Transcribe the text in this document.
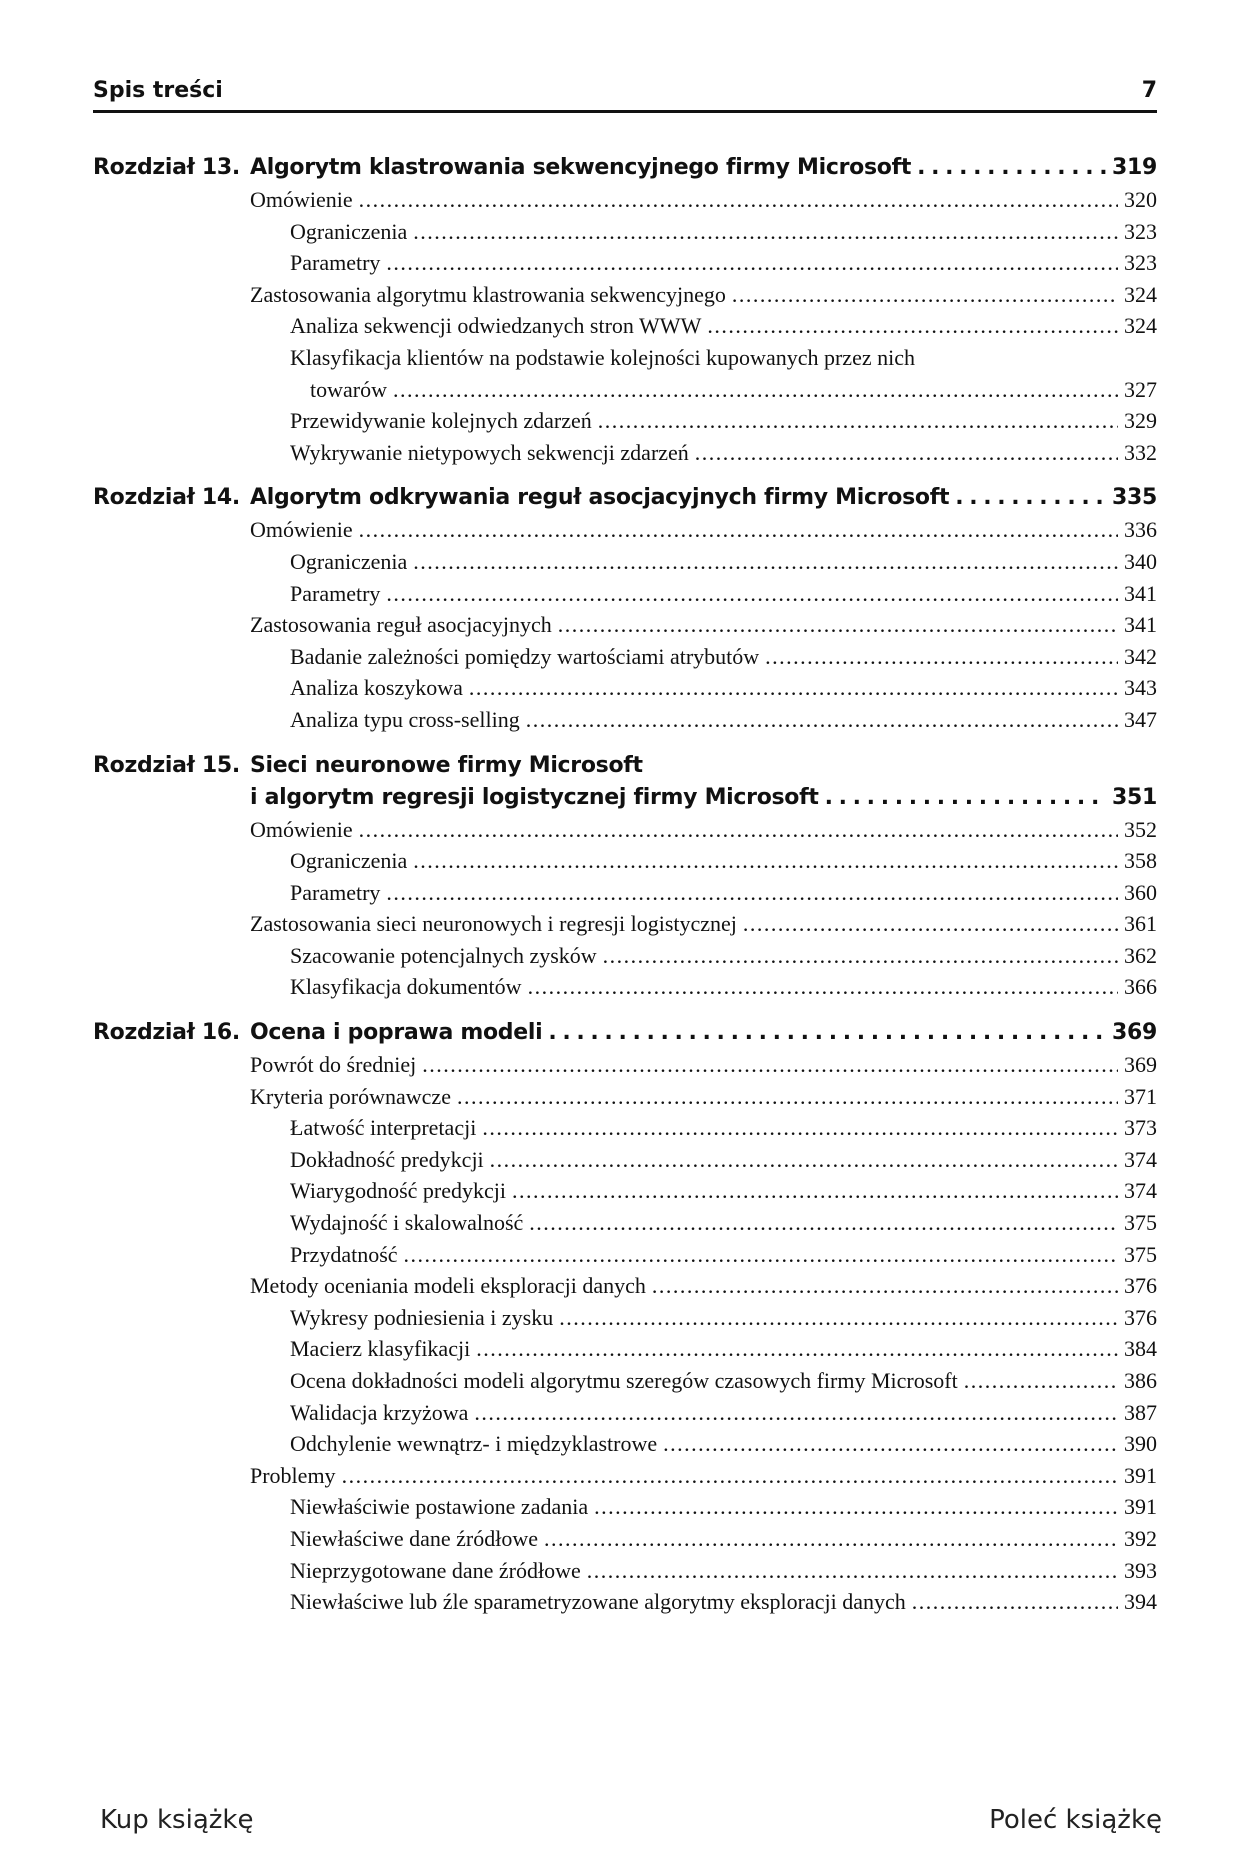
Spis treści	7
Rozdział 13. Algorytm klastrowania sekwencyjnego firmy Microsoft . . .	319
Omówienie . . .	320
Ograniczenia . . .	323
Parametry . . .	323
Zastosowania algorytmu klastrowania sekwencyjnego . . .	324
Analiza sekwencji odwiedzanych stron WWW . . .	324
Klasyfikacja klientów na podstawie kolejności kupowanych przez nich
towarów . . .	327
Przewidywanie kolejnych zdarzeń . . .	329
Wykrywanie nietypowych sekwencji zdarzeń . . .	332
Rozdział 14. Algorytm odkrywania reguł asocjacyjnych firmy Microsoft . . .	335
Omówienie . . .	336
Ograniczenia . . .	340
Parametry . . .	341
Zastosowania reguł asocjacyjnych . . .	341
Badanie zależności pomiędzy wartościami atrybutów . . .	342
Analiza koszykowa . . .	343
Analiza typu cross-selling . . .	347
Rozdział 15. Sieci neuronowe firmy Microsoft
i algorytm regresji logistycznej firmy Microsoft . . .	351
Omówienie . . .	352
Ograniczenia . . .	358
Parametry . . .	360
Zastosowania sieci neuronowych i regresji logistycznej . . .	361
Szacowanie potencjalnych zysków . . .	362
Klasyfikacja dokumentów . . .	366
Rozdział 16. Ocena i poprawa modeli . . .	369
Powrót do średniej . . .	369
Kryteria porównawcze . . .	371
Łatwość interpretacji . . .	373
Dokładność predykcji . . .	374
Wiarygodność predykcji . . .	374
Wydajność i skalowalność . . .	375
Przydatność . . .	375
Metody oceniania modeli eksploracji danych . . .	376
Wykresy podniesienia i zysku . . .	376
Macierz klasyfikacji . . .	384
Ocena dokładności modeli algorytmu szeregów czasowych firmy Microsoft . . .	386
Walidacja krzyżowa . . .	387
Odchylenie wewnątrz- i międzyklastrowe . . .	390
Problemy . . .	391
Niewłaściwie postawione zadania . . .	391
Niewłaściwe dane źródłowe . . .	392
Nieprzygotowane dane źródłowe . . .	393
Niewłaściwe lub źle sparametryzowane algorytmy eksploracji danych . . .	394
Kup książkę	Poleć książkę
